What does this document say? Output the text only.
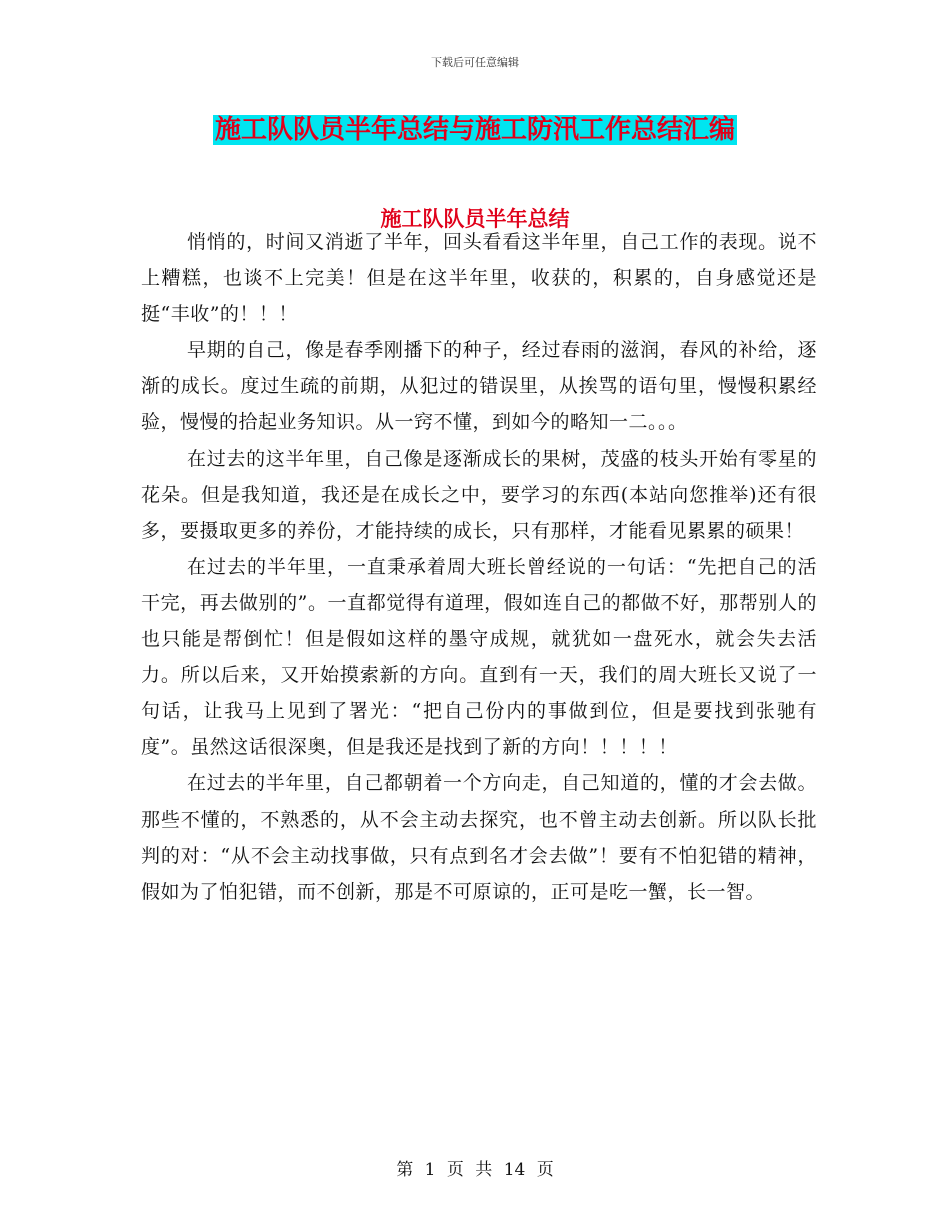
下载后可任意编辑
施工队队员半年总结与施工防汛工作总结汇编
施工队队员半年总结

悄悄的，时间又消逝了半年，回头看看这半年里，自己工作的表现。说不上糟糕，也谈不上完美！但是在这半年里，收获的，积累的，自身感觉还是挺“丰收”的！！！

早期的自己，像是春季刚播下的种子，经过春雨的滋润，春风的补给，逐渐的成长。度过生疏的前期，从犯过的错误里，从挨骂的语句里，慢慢积累经验，慢慢的拾起业务知识。从一窍不懂，到如今的略知一二。。。

在过去的这半年里，自己像是逐渐成长的果树，茂盛的枝头开始有零星的花朵。但是我知道，我还是在成长之中，要学习的东西(本站向您推举)还有很多，要摄取更多的养份，才能持续的成长，只有那样，才能看见累累的硕果！

在过去的半年里，一直秉承着周大班长曾经说的一句话：“先把自己的活干完，再去做别的”。一直都觉得有道理，假如连自己的都做不好，那帮别人的也只能是帮倒忙！但是假如这样的墨守成规，就犹如一盘死水，就会失去活力。所以后来，又开始摸索新的方向。直到有一天，我们的周大班长又说了一句话，让我马上见到了署光：“把自己份内的事做到位，但是要找到张驰有度”。虽然这话很深奥，但是我还是找到了新的方向！！！！！

在过去的半年里，自己都朝着一个方向走，自己知道的，懂的才会去做。那些不懂的，不熟悉的，从不会主动去探究，也不曾主动去创新。所以队长批判的对：“从不会主动找事做，只有点到名才会去做”！要有不怕犯错的精神，假如为了怕犯错，而不创新，那是不可原谅的，正可是吃一蟹，长一智。

第 1 页 共 14 页
